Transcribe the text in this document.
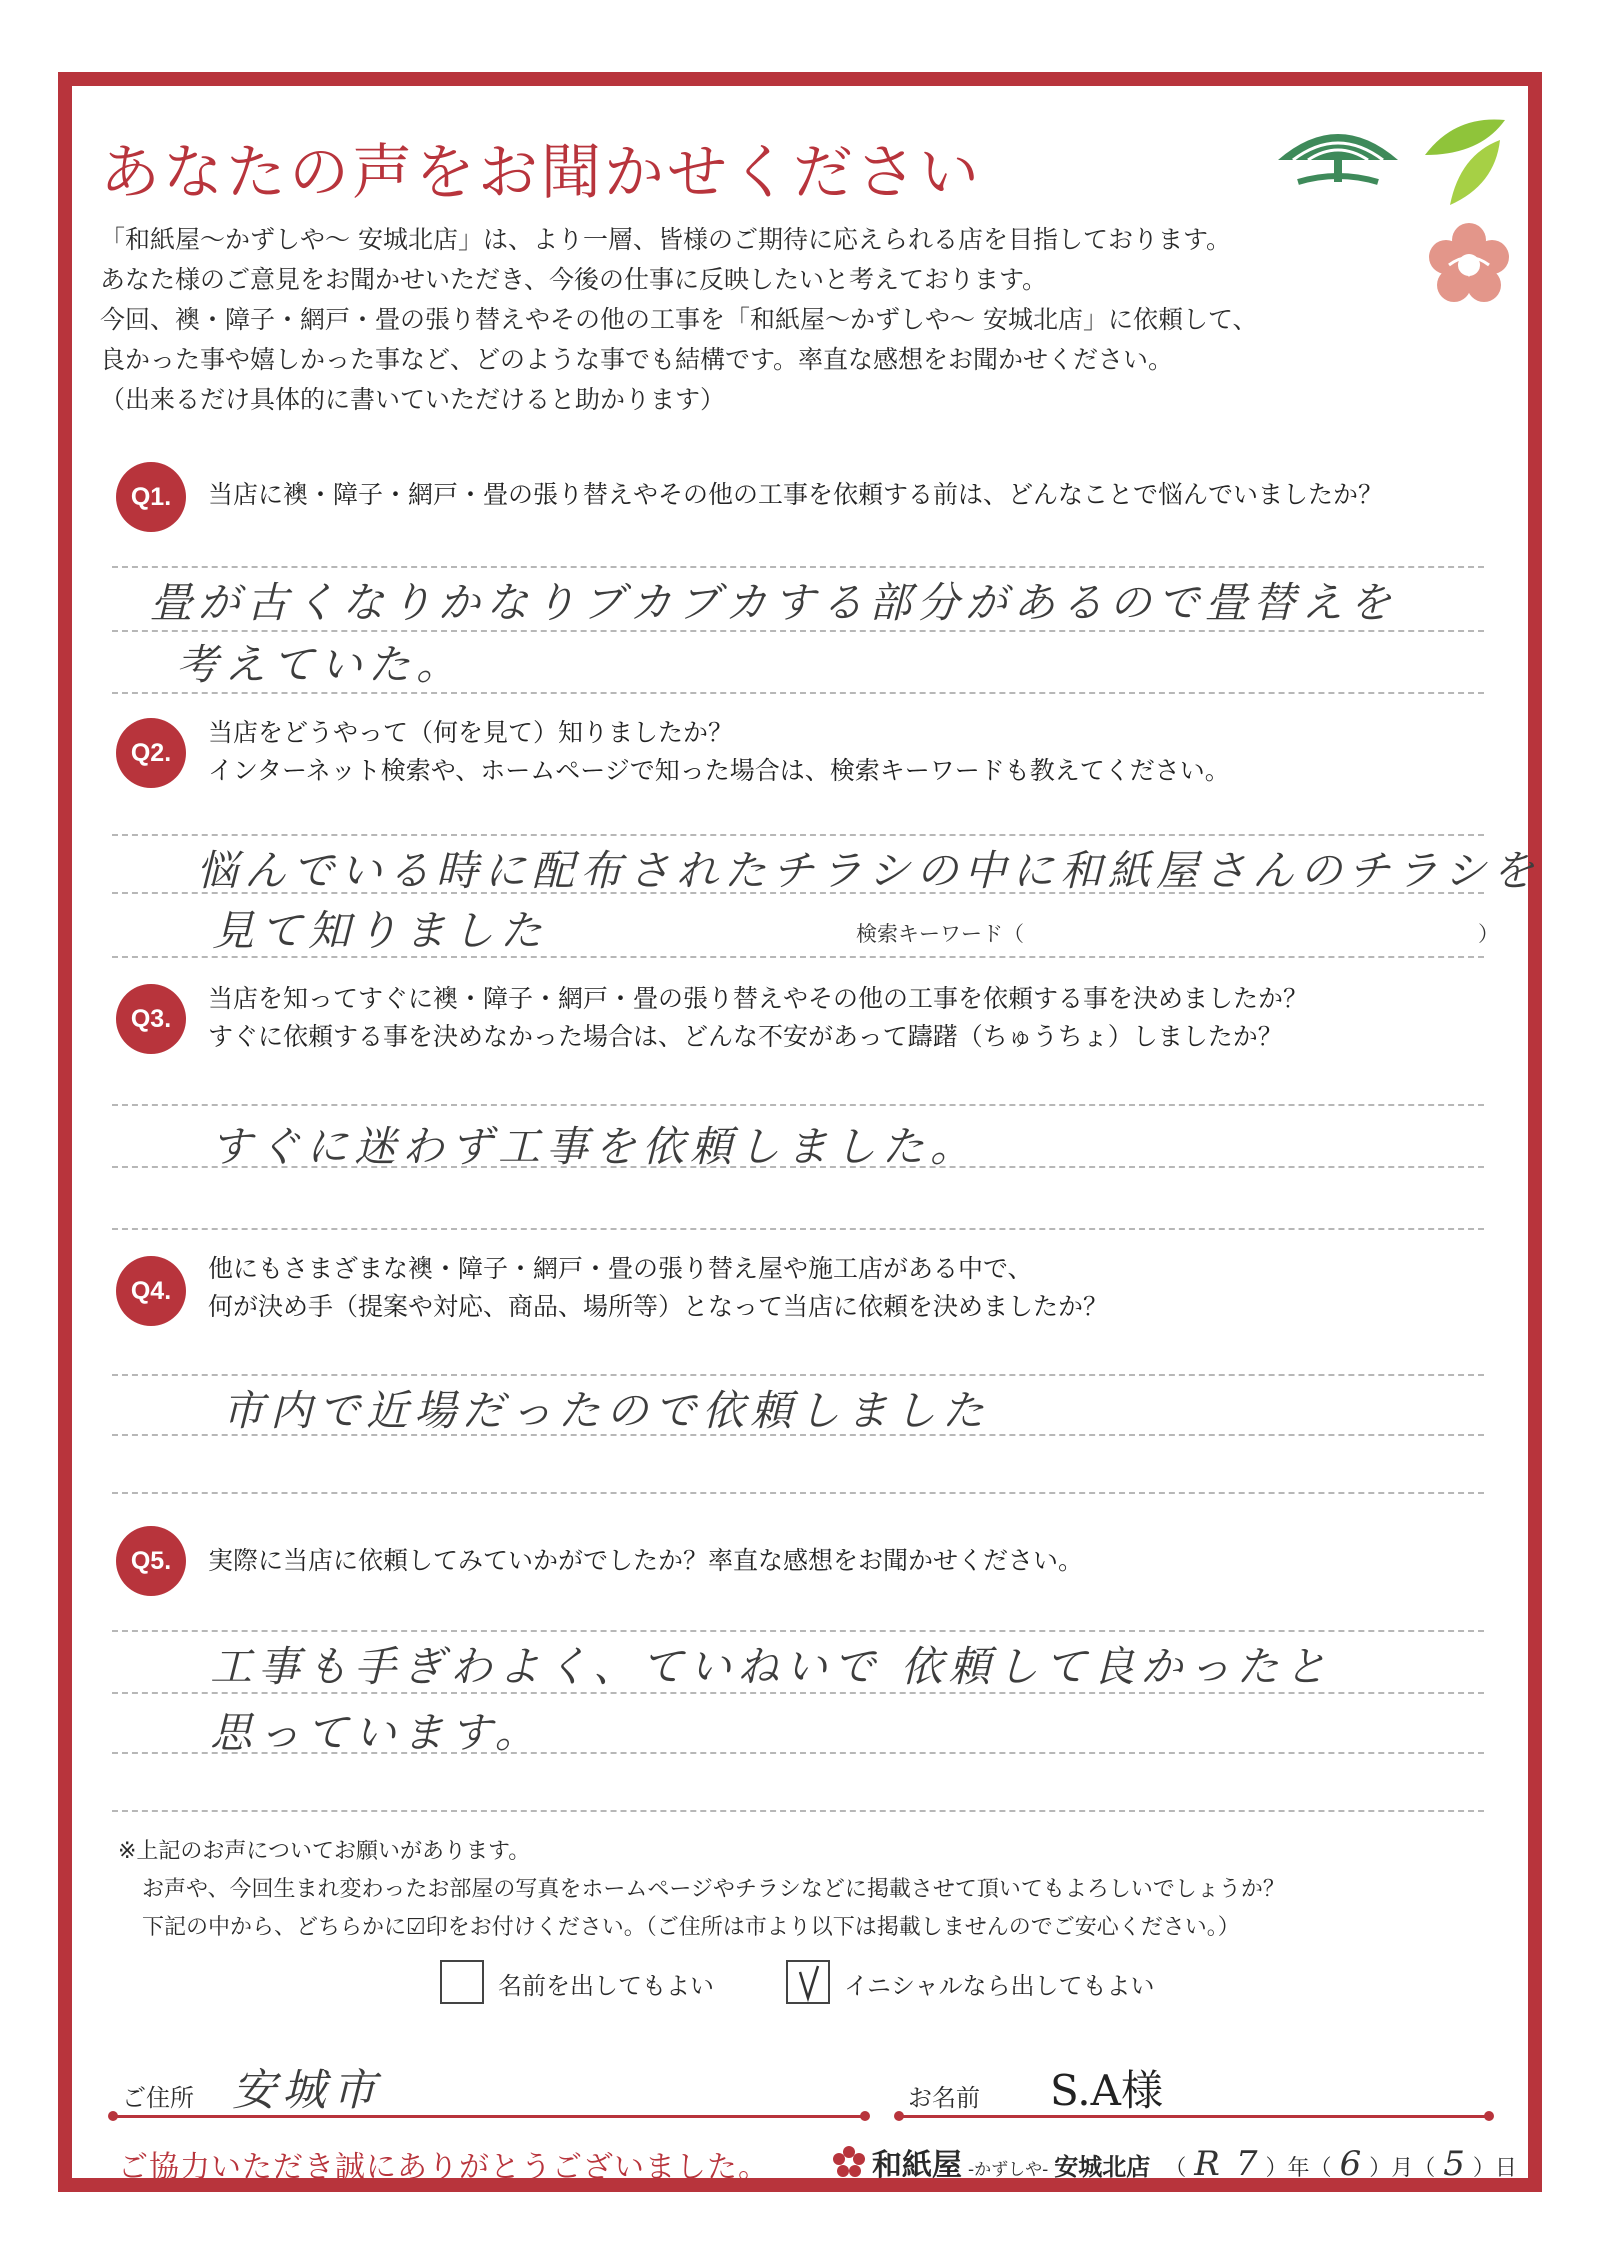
あなたの声をお聞かせください
「和紙屋〜かずしや〜 安城北店」は、より一層、皆様のご期待に応えられる店を目指しております。
あなた様のご意見をお聞かせいただき、今後の仕事に反映したいと考えております。
今回、襖・障子・網戸・畳の張り替えやその他の工事を「和紙屋〜かずしや〜 安城北店」に依頼して、
良かった事や嬉しかった事など、どのような事でも結構です。率直な感想をお聞かせください。
（出来るだけ具体的に書いていただけると助かります）
Q1.	当店に襖・障子・網戸・畳の張り替えやその他の工事を依頼する前は、どんなことで悩んでいましたか？
畳が古くなりかなりブカブカする部分があるので畳替えを
考えていた。
Q2.
当店をどうやって（何を見て）知りましたか？
インターネット検索や、ホームページで知った場合は、検索キーワードも教えてください。
悩んでいる時に配布されたチラシの中に和紙屋さんのチラシを
見て知りました	検索キーワード（	）
Q3.
当店を知ってすぐに襖・障子・網戸・畳の張り替えやその他の工事を依頼する事を決めましたか？
すぐに依頼する事を決めなかった場合は、どんな不安があって躊躇（ちゅうちょ）しましたか？
すぐに迷わず工事を依頼しました。
Q4.
他にもさまざまな襖・障子・網戸・畳の張り替え屋や施工店がある中で、
何が決め手（提案や対応、商品、場所等）となって当店に依頼を決めましたか？
市内で近場だったので依頼しました
Q5.	実際に当店に依頼してみていかがでしたか？率直な感想をお聞かせください。
工事も手ぎわよく、ていねいで 依頼して良かったと
思っています。
※上記のお声についてお願いがあります。
お声や、今回生まれ変わったお部屋の写真をホームページやチラシなどに掲載させて頂いてもよろしいでしょうか？
下記の中から、どちらかに☑印をお付けください。（ご住所は市より以下は掲載しませんのでご安心ください。）
名前を出してもよい	イニシャルなら出してもよい
ご住所 安城市	お名前 S.A様
ご協力いただき誠にありがとうございました。	和紙屋 -かずしや- 安城北店 （ R 7 ）年（ 6 ）月（ 5 ）日
